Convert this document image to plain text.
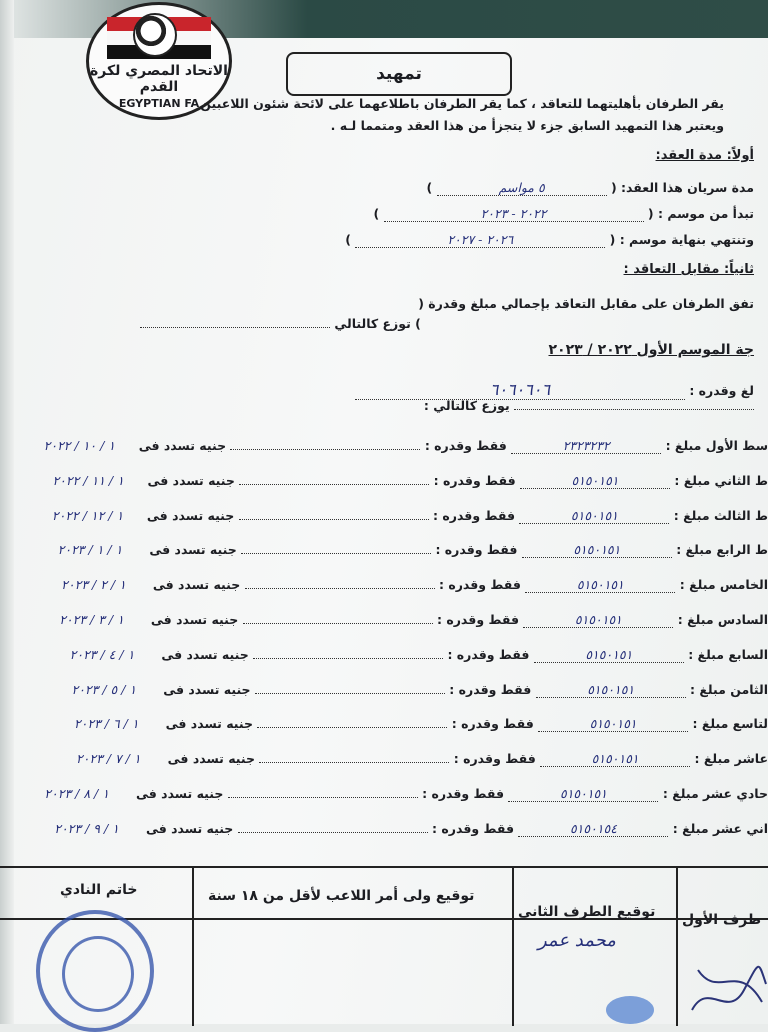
الاتحاد المصري لكرة القدم
EGYPTIAN FA
تمهيد
يقر الطرفان بأهليتهما للتعاقد ، كما يقر الطرفان باطلاعهما على لائحة شئون اللاعبين
ويعتبر هذا التمهيد السابق جزء لا يتجزأ من هذا العقد ومتمما لـه .
أولاً: مدة العقد:
مدة سريان هذا العقد: ( ٥ مواسم )
تبدأ من موسم : ( ٢٠٢٢ - ٢٠٢٣ )
وتنتهي بنهاية موسم : ( ٢٠٢٦ - ٢٠٢٧ )
ثانياً: مقابل التعاقد :
تفق الطرفان على مقابل التعاقد بإجمالي مبلغ وقدرة (
) توزع كالتالي
جة الموسم الأول ٢٠٢٢ / ٢٠٢٣
لغ وقدره : ٦٠٦٠٦٠٦
يوزع كالتالي :
سط الأول مبلغ : ٢٣٢٣٢٣٢ فقط وقدره :  جنيه تسدد فى ١ / ١٠ / ٢٠٢٢
ط الثاني مبلغ : ٥١٥٠١٥١ فقط وقدره :  جنيه تسدد فى ١ / ١١ / ٢٠٢٢
ط الثالث مبلغ : ٥١٥٠١٥١ فقط وقدره :  جنيه تسدد فى ١ / ١٢ / ٢٠٢٢
ط الرابع مبلغ : ٥١٥٠١٥١ فقط وقدره :  جنيه تسدد فى ١ / ١ / ٢٠٢٣
الخامس مبلغ : ٥١٥٠١٥١ فقط وقدره :  جنيه تسدد فى ١ / ٢ / ٢٠٢٣
السادس مبلغ : ٥١٥٠١٥١ فقط وقدره :  جنيه تسدد فى ١ / ٣ / ٢٠٢٣
السابع مبلغ : ٥١٥٠١٥١ فقط وقدره :  جنيه تسدد فى ١ / ٤ / ٢٠٢٣
الثامن مبلغ : ٥١٥٠١٥١ فقط وقدره :  جنيه تسدد فى ١ / ٥ / ٢٠٢٣
لتاسع مبلغ : ٥١٥٠١٥١ فقط وقدره :  جنيه تسدد فى ١ / ٦ / ٢٠٢٣
عاشر مبلغ : ٥١٥٠١٥١ فقط وقدره :  جنيه تسدد فى ١ / ٧ / ٢٠٢٣
حادي عشر مبلغ : ٥١٥٠١٥١ فقط وقدره :  جنيه تسدد فى ١ / ٨ / ٢٠٢٣
اني عشر مبلغ : ٥١٥٠١٥٤ فقط وقدره :  جنيه تسدد فى ١ / ٩ / ٢٠٢٣
خاتم النادي	توقيع ولى أمر اللاعب لأقل من ١٨ سنة
توقيع الطرف الثاني طرف الأول
محمد عمر
